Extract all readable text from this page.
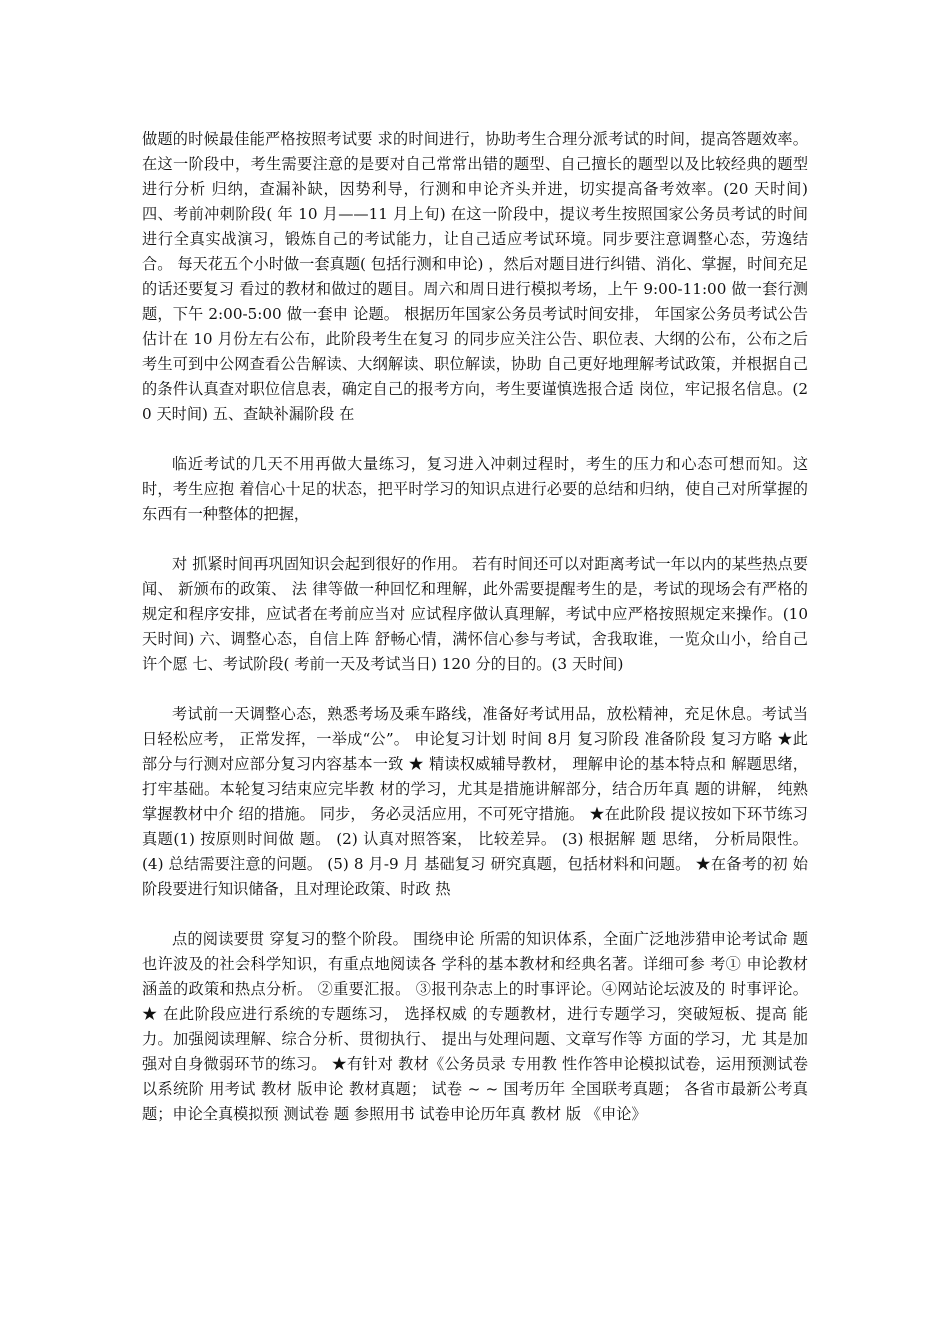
做题的时候最佳能严格按照考试要 求的时间进行，协助考生合理分派考试的时间，提高答题效率。 在这一阶段中，考生需要注意的是要对自己常常出错的题型、自己擅长的题型以及比较经典的题型进行分析 归纳，查漏补缺，因势利导，行测和申论齐头并进，切实提高备考效率。(20 天时间) 四、考前冲刺阶段( 年 10 月——11 月上旬) 在这一阶段中，提议考生按照国家公务员考试的时间进行全真实战演习，锻炼自己的考试能力，让自己适应考试环境。同步要注意调整心态，劳逸结合。 每天花五个小时做一套真题( 包括行测和申论) ，然后对题目进行纠错、消化、掌握，时间充足的话还要复习 看过的教材和做过的题目。周六和周日进行模拟考场，上午 9:00-11:00 做一套行测题，下午 2:00-5:00 做一套申 论题。 根据历年国家公务员考试时间安排， 年国家公务员考试公告估计在 10 月份左右公布，此阶段考生在复习 的同步应关注公告、职位表、大纲的公布，公布之后考生可到中公网查看公告解读、大纲解读、职位解读，协助 自己更好地理解考试政策，并根据自己的条件认真查对职位信息表，确定自己的报考方向，考生要谨慎选报合适 岗位，牢记报名信息。(20 天时间) 五、查缺补漏阶段 在

临近考试的几天不用再做大量练习，复习进入冲刺过程时，考生的压力和心态可想而知。这时，考生应抱 着信心十足的状态，把平时学习的知识点进行必要的总结和归纳，使自己对所掌握的东西有一种整体的把握，

对 抓紧时间再巩固知识会起到很好的作用。 若有时间还可以对距离考试一年以内的某些热点要闻、 新颁布的政策、 法 律等做一种回忆和理解，此外需要提醒考生的是，考试的现场会有严格的规定和程序安排，应试者在考前应当对 应试程序做认真理解，考试中应严格按照规定来操作。(10 天时间) 六、调整心态，自信上阵 舒畅心情，满怀信心参与考试，舍我取谁，一览众山小，给自己许个愿 七、考试阶段( 考前一天及考试当日) 120 分的目的。(3 天时间)

考试前一天调整心态，熟悉考场及乘车路线，准备好考试用品，放松精神，充足休息。考试当日轻松应考， 正常发挥，一举成“公”。 申论复习计划 时间 8月 复习阶段 准备阶段 复习方略 ★此部分与行测对应部分复习内容基本一致 ★ 精读权威辅导教材， 理解申论的基本特点和 解题思绪，打牢基础。本轮复习结束应完毕教 材的学习，尤其是措施讲解部分，结合历年真 题的讲解， 纯熟掌握教材中介 绍的措施。 同步， 务必灵活应用，不可死守措施。 ★在此阶段 提议按如下环节练习真题(1) 按原则时间做 题。 (2) 认真对照答案， 比较差异。 (3) 根据解 题 思绪， 分析局限性。 (4) 总结需要注意的问题。 (5) 8 月-9 月 基础复习 研究真题，包括材料和问题。 ★在备考的初 始阶段要进行知识储备，且对理论政策、时政 热

点的阅读要贯 穿复习的整个阶段。 围绕申论 所需的知识体系，全面广泛地涉猎申论考试命 题也许波及的社会科学知识，有重点地阅读各 学科的基本教材和经典名著。详细可参 考① 申论教材涵盖的政策和热点分析。 ②重要汇报。 ③报刊杂志上的时事评论。④网站论坛波及的 时事评论。 ★ 在此阶段应进行系统的专题练习， 选择权威 的专题教材，进行专题学习，突破短板、提高 能力。加强阅读理解、综合分析、贯彻执行、 提出与处理问题、文章写作等 方面的学习，尤 其是加强对自身微弱环节的练习。 ★有针对 教材《公务员录 专用教 性作答申论模拟试卷，运用预测试卷以系统阶 用考试 教材 版申论 教材真题； 试卷 ~ ~ 国考历年 全国联考真题； 各省市最新公考真 题；申论全真模拟预 测试卷 题 参照用书 试卷申论历年真 教材 版 《申论》
